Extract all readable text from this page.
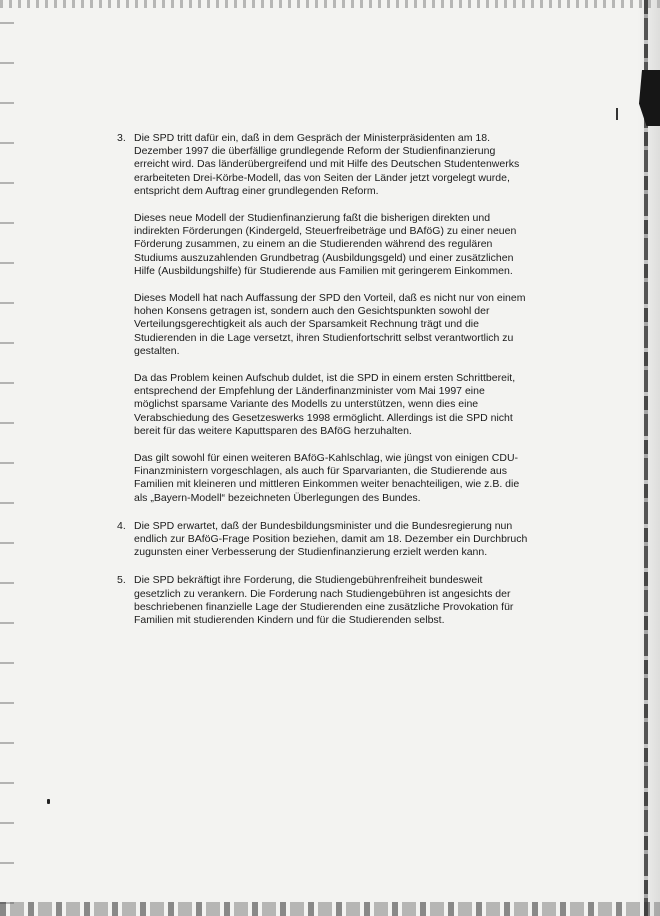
3. Die SPD tritt dafür ein, daß in dem Gespräch der Ministerpräsidenten am 18. Dezember 1997 die überfällige grundlegende Reform der Studienfinanzierung erreicht wird. Das länderübergreifend und mit Hilfe des Deutschen Studentenwerks erarbeiteten Drei-Körbe-Modell, das von Seiten der Länder jetzt vorgelegt wurde, entspricht dem Auftrag einer grundlegenden Reform.

Dieses neue Modell der Studienfinanzierung faßt die bisherigen direkten und indirekten Förderungen (Kindergeld, Steuerfreibeträge und BAföG) zu einer neuen Förderung zusammen, zu einem an die Studierenden während des regulären Studiums auszuzahlenden Grundbetrag (Ausbildungsgeld) und einer zusätzlichen Hilfe (Ausbildungshilfe) für Studierende aus Familien mit geringerem Einkommen.

Dieses Modell hat nach Auffassung der SPD den Vorteil, daß es nicht nur von einem hohen Konsens getragen ist, sondern auch den Gesichtspunkten sowohl der Verteilungsgerechtigkeit als auch der Sparsamkeit Rechnung trägt und die Studierenden in die Lage versetzt, ihren Studienfortschritt selbst verantwortlich zu gestalten.

Da das Problem keinen Aufschub duldet, ist die SPD in einem ersten Schrittbereit, entsprechend der Empfehlung der Länderfinanzminister vom Mai 1997 eine möglichst sparsame Variante des Modells zu unterstützen, wenn dies eine Verabschiedung des Gesetzeswerks 1998 ermöglicht. Allerdings ist die SPD nicht bereit für das weitere Kaputtsparen des BAföG herzuhalten.

Das gilt sowohl für einen weiteren BAföG-Kahlschlag, wie jüngst von einigen CDU-Finanzministern vorgeschlagen, als auch für Sparvarianten, die Studierende aus Familien mit kleineren und mittleren Einkommen weiter benachteiligen, wie z.B. die als „Bayern-Modell“ bezeichneten Überlegungen des Bundes.

4. Die SPD erwartet, daß der Bundesbildungsminister und die Bundesregierung nun endlich zur BAföG-Frage Position beziehen, damit am 18. Dezember ein Durchbruch zugunsten einer Verbesserung der Studienfinanzierung erzielt werden kann.

5. Die SPD bekräftigt ihre Forderung, die Studiengebührenfreiheit bundesweit gesetzlich zu verankern. Die Forderung nach Studiengebühren ist angesichts der beschriebenen finanzielle Lage der Studierenden eine zusätzliche Provokation für Familien mit studierenden Kindern und für die Studierenden selbst.
